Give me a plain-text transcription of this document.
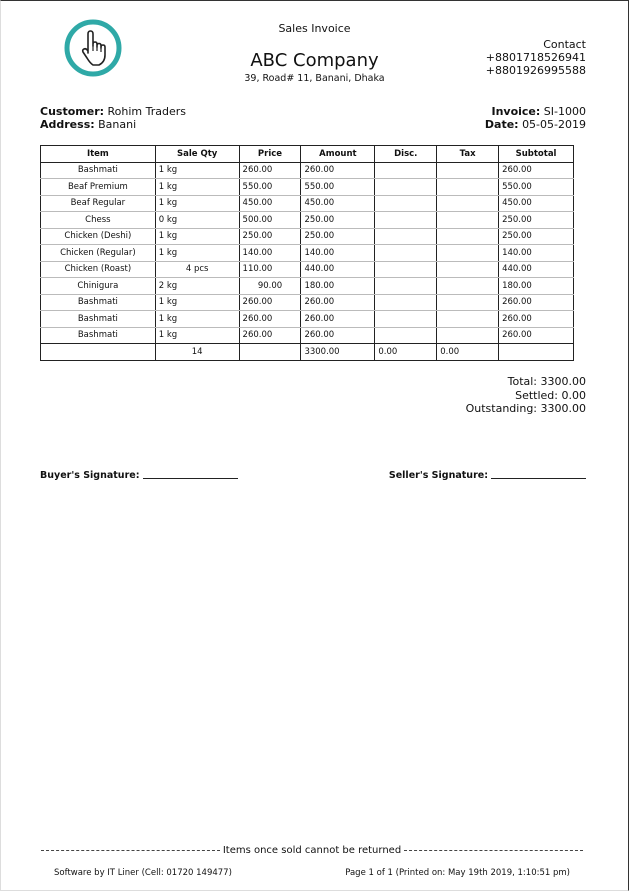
Sales Invoice
ABC Company
39, Road# 11, Banani, Dhaka
Contact
+8801718526941
+8801926995588
Customer: Rohim Traders
Address: Banani
Invoice: SI-1000
Date: 05-05-2019
Item	Sale Qty	Price	Amount	Disc.	Tax	Subtotal
Bashmati	1 kg	260.00	260.00			260.00
Beaf Premium	1 kg	550.00	550.00			550.00
Beaf Regular	1 kg	450.00	450.00			450.00
Chess	0 kg	500.00	250.00			250.00
Chicken (Deshi)	1 kg	250.00	250.00			250.00
Chicken (Regular)	1 kg	140.00	140.00			140.00
Chicken (Roast)	4 pcs	110.00	440.00			440.00
Chinigura	2 kg	90.00	180.00			180.00
Bashmati	1 kg	260.00	260.00			260.00
Bashmati	1 kg	260.00	260.00			260.00
Bashmati	1 kg	260.00	260.00			260.00
	14		3300.00	0.00	0.00	
Total: 3300.00
Settled: 0.00
Outstanding: 3300.00
Buyer's Signature:	Seller's Signature:
Items once sold cannot be returned
Software by IT Liner (Cell: 01720 149477)	Page 1 of 1 (Printed on: May 19th 2019, 1:10:51 pm)
